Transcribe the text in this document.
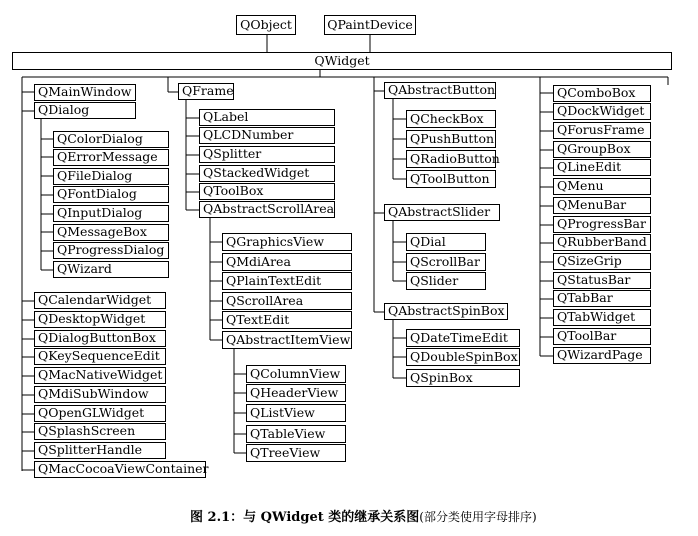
QObject	QPaintDevice
QWidget
QMainWindow
QDialog
QColorDialog
QErrorMessage
QFileDialog
QFontDialog
QInputDialog
QMessageBox
QProgressDialog
QWizard
QCalendarWidget
QDesktopWidget
QDialogButtonBox
QKeySequenceEdit
QMacNativeWidget
QMdiSubWindow
QOpenGLWidget
QSplashScreen
QSplitterHandle
QMacCocoaViewContainer
QFrame
QLabel
QLCDNumber
QSplitter
QStackedWidget
QToolBox
QAbstractScrollArea
QGraphicsView
QMdiArea
QPlainTextEdit
QScrollArea
QTextEdit
QAbstractItemView
QColumnView
QHeaderView
QListView
QTableView
QTreeView
QAbstractButton
QCheckBox
QPushButton
QRadioButton
QToolButton
QAbstractSlider
QDial
QScrollBar
QSlider
QAbstractSpinBox
QDateTimeEdit
QDoubleSpinBox
QSpinBox
QComboBox
QDockWidget
QForusFrame
QGroupBox
QLineEdit
QMenu
QMenuBar
QProgressBar
QRubberBand
QSizeGrip
QStatusBar
QTabBar
QTabWidget
QToolBar
QWizardPage
图 2.1：与 QWidget 类的继承关系图(部分类使用字母排序)
